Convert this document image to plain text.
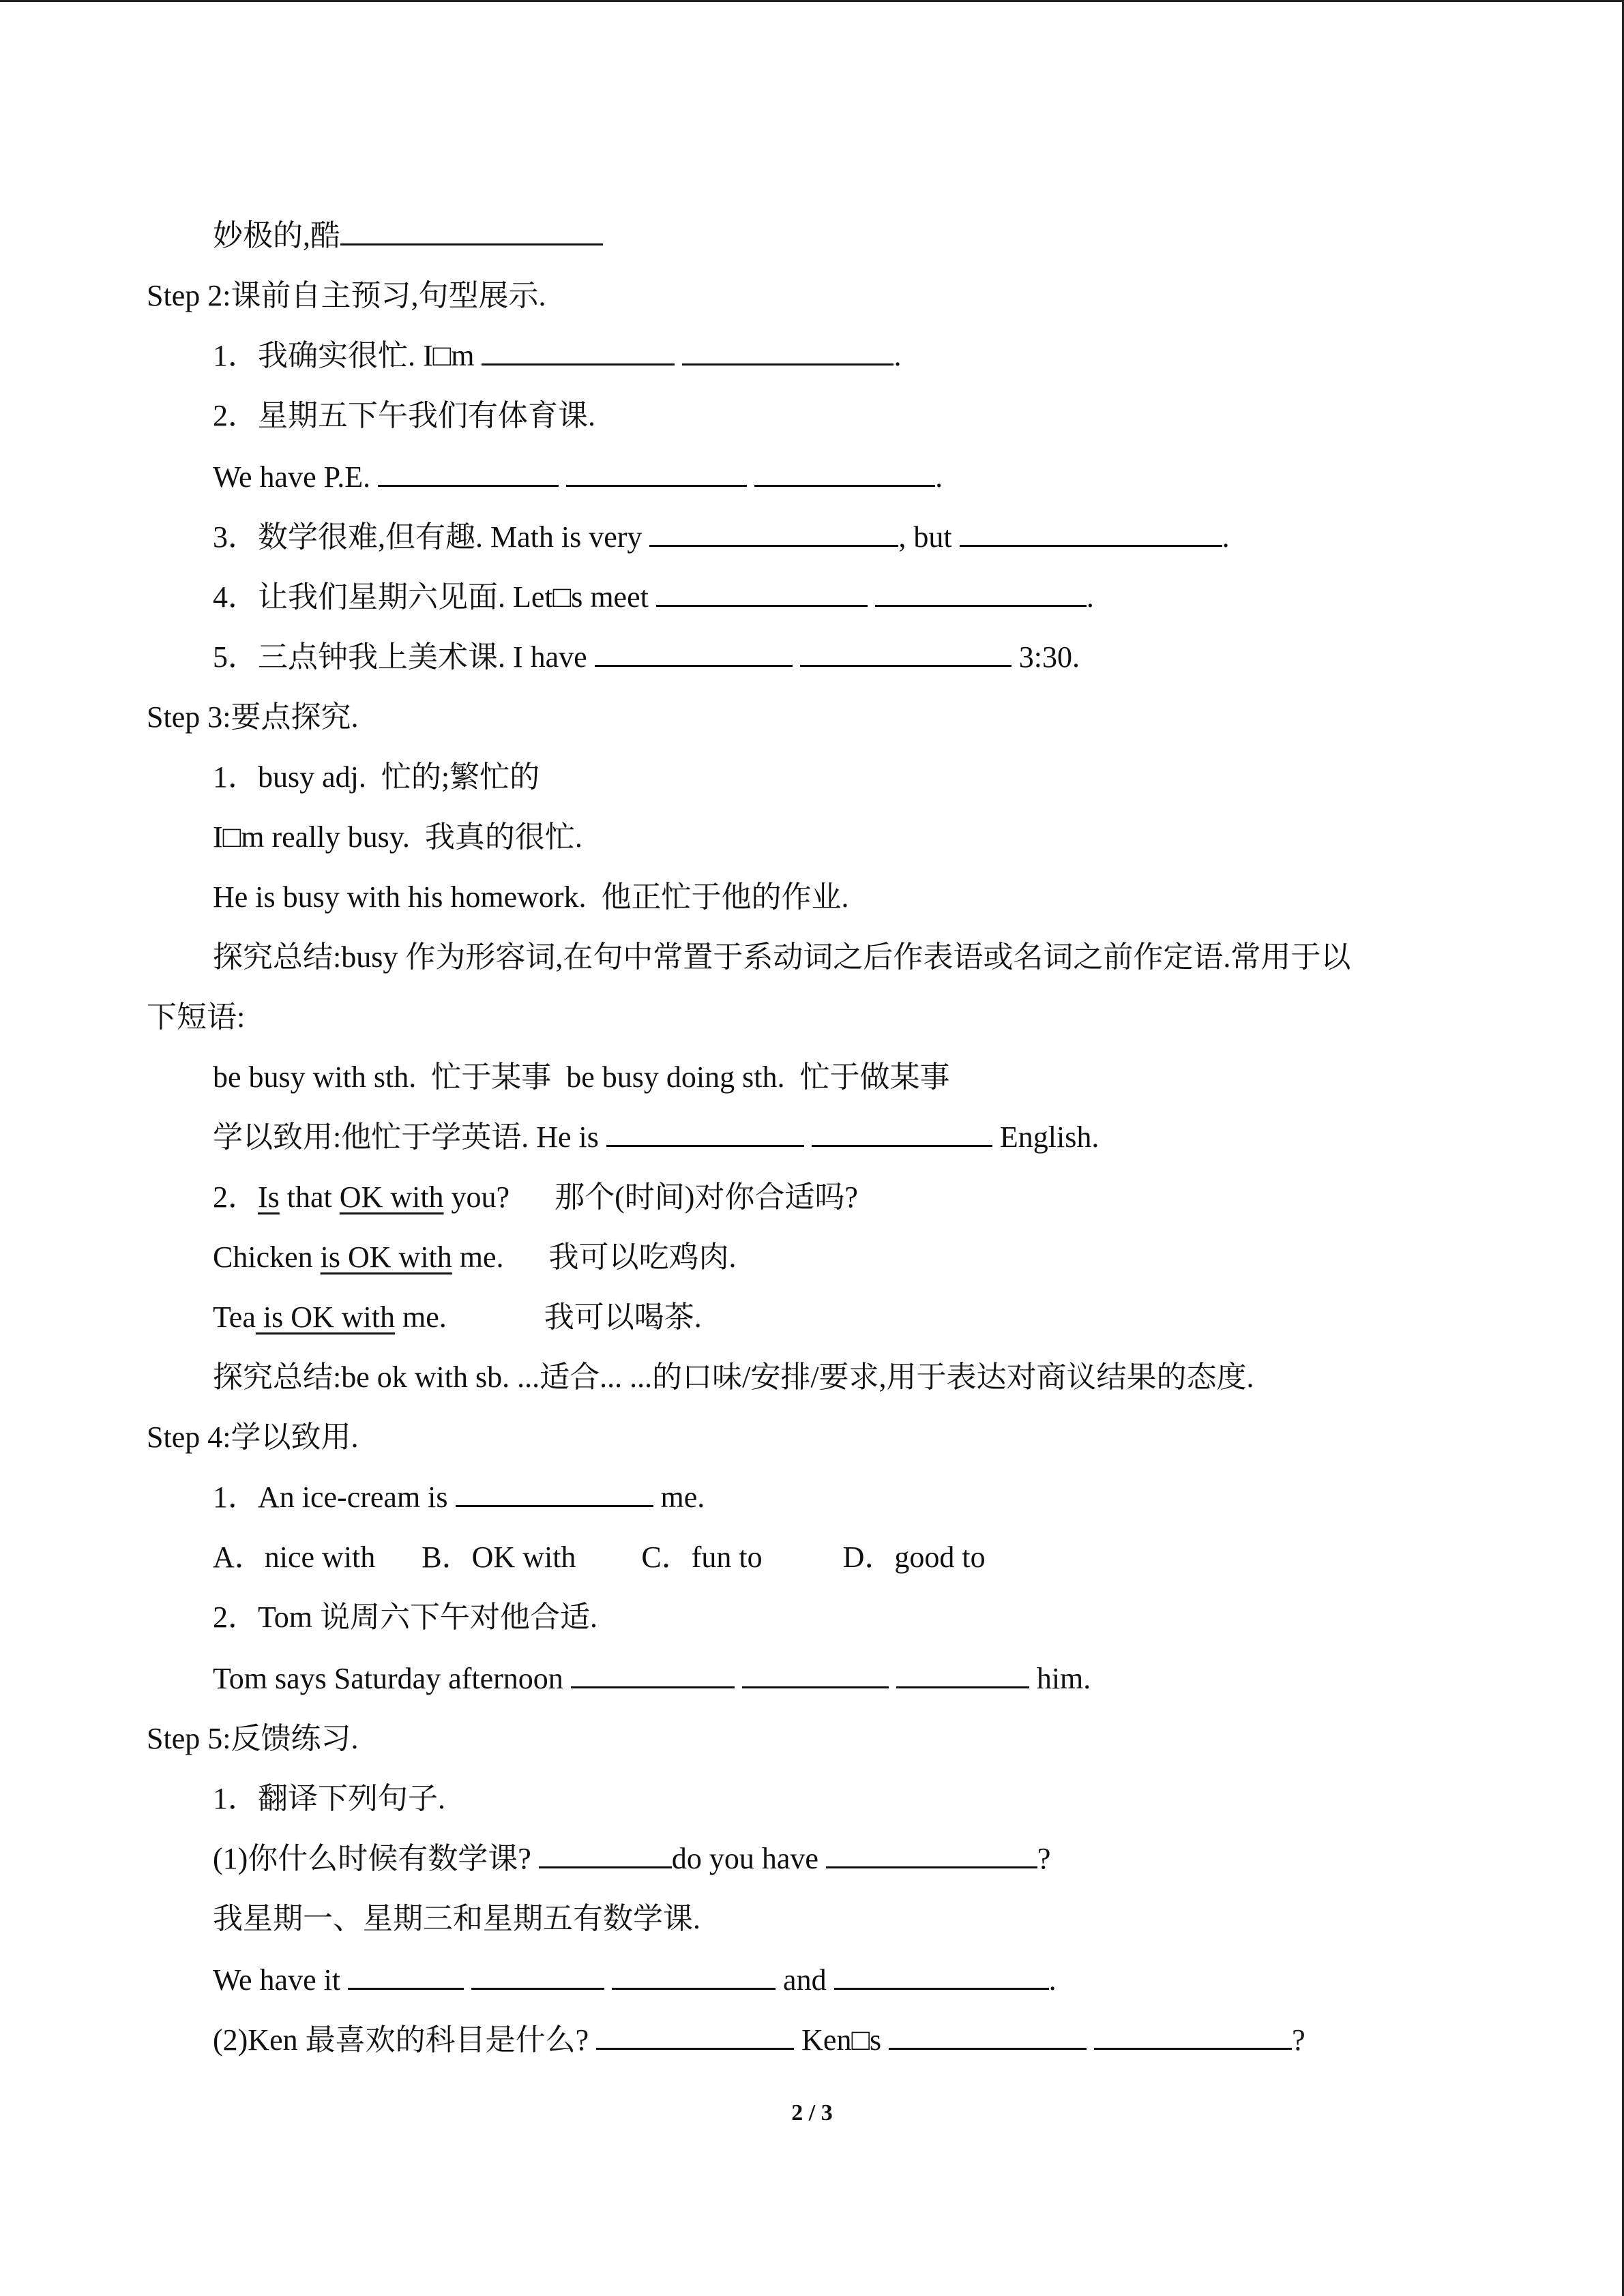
妙极的,酷
Step 2:课前自主预习,句型展示.
1．我确实很忙. I□m	.
2．星期五下午我们有体育课.
We have P.E.	.
3．数学很难,但有趣. Math is very	, but	.
4．让我们星期六见面. Let□s meet	.
5．三点钟我上美术课. I have	3:30.
Step 3:要点探究.
1．busy adj.  忙的;繁忙的
I□m really busy.  我真的很忙.
He is busy with his homework.  他正忙于他的作业.
探究总结:busy 作为形容词,在句中常置于系动词之后作表语或名词之前作定语.常用于以
下短语:
be busy with sth.  忙于某事  be busy doing sth.  忙于做某事
学以致用:他忙于学英语. He is	English.
2．Is that OK with you?      那个(时间)对你合适吗?
Chicken is OK with me.      我可以吃鸡肉.
Tea is OK with me.             我可以喝茶.
探究总结:be ok with sb. ...适合... ...的口味/安排/要求,用于表达对商议结果的态度.
Step 4:学以致用.
1．An ice-cream is	me.
A．nice with B．OK with C．fun to	D．good to
2．Tom 说周六下午对他合适.
Tom says Saturday afternoon	him.
Step 5:反馈练习.
1．翻译下列句子.
(1)你什么时候有数学课?	do you have	?
我星期一、星期三和星期五有数学课.
We have it	and	.
(2)Ken 最喜欢的科目是什么?	Ken□s	?
2 / 3
